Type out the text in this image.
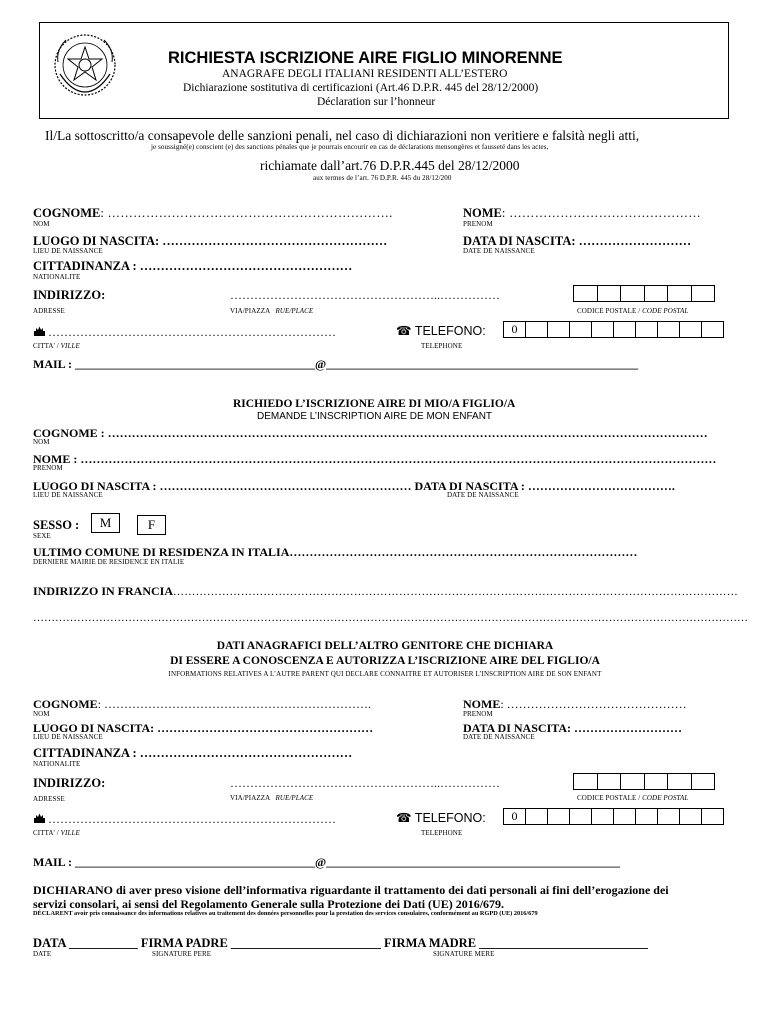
RICHIESTA ISCRIZIONE AIRE FIGLIO MINORENNE
ANAGRAFE DEGLI ITALIANI RESIDENTI ALL’ESTERO
Dichiarazione sostitutiva di certificazioni (Art.46 D.P.R. 445 del 28/12/2000)
Déclaration sur l’honneur
Il/La sottoscritto/a consapevole delle sanzioni penali, nel caso di dichiarazioni non veritiere e falsità negli atti,
je soussigné(e) conscient (e) des sanctions pénales que je pourrais encourir en cas de déclarations mensongères et fausseté dans les actes,
richiamate dall’art.76 D.P.R.445 del 28/12/2000
aux termes de l’art. 76 D.P.R. 445 du 28/12/200
COGNOME: ………………………………………………………….
NOM
NOME: ………………………………………
PRENOM
LUOGO DI NASCITA: ………………………………………………
LIEU DE NAISSANCE
DATA DI NASCITA: ………………………
DATE DE NAISSANCE
CITTADINANZA : ……………………………………………
NATIONALITE
INDIRIZZO:	……………………………………………..……………
ADRESSE	VIA/PIAZZA RUE/PLACE	CODICE POSTALE / CODE POSTAL
………………………………………………………………
CITTA' / VILLE
☎ TELEFONO:
TELEPHONE
0
MAIL : ________________________________________@____________________________________________________
RICHIEDO L’ISCRIZIONE AIRE DI MIO/A FIGLIO/A
DEMANDE L’INSCRIPTION AIRE DE MON ENFANT
COGNOME : ……………………………………………………………………………………………………………………………………
NOM
NOME : ……………………………………………………………………………………………………………………………………………
PRENOM
LUOGO DI NASCITA : ……………………………………………………… DATA DI NASCITA : ……………………………….
LIEU DE NAISSANCE	DATE DE NAISSANCE
SESSO :	M	F
SEXE
ULTIMO COMUNE DI RESIDENZA IN ITALIA……………………………………………………………………………
DERNIERE MAIRIE DE RESIDENCE EN ITALIE
INDIRIZZO IN FRANCIA……………………………………………………………………………………………………………………………………
……………………………………………………………………………………………………………………………………………………………………………
DATI ANAGRAFICI DELL’ALTRO GENITORE CHE DICHIARA
DI ESSERE A CONOSCENZA E AUTORIZZA L’ISCRIZIONE AIRE DEL FIGLIO/A
INFORMATIONS RELATIVES A L’AUTRE PARENT QUI DECLARE CONNAITRE ET AUTORISER L’INSCRIPTION AIRE DE SON ENFANT
COGNOME: ………………………………………………………….
NOM
NOME: ………………………………………
PRENOM
LUOGO DI NASCITA: ………………………………………………
LIEU DE NAISSANCE
DATA DI NASCITA: ………………………
DATE DE NAISSANCE
CITTADINANZA : ……………………………………………
NATIONALITE
INDIRIZZO:	……………………………………………..……………
ADRESSE	VIA/PIAZZA RUE/PLACE	CODICE POSTALE / CODE POSTAL
………………………………………………………………
CITTA' / VILLE
☎ TELEFONO:
TELEPHONE
0
MAIL : ________________________________________@_________________________________________________
DICHIARANO di aver preso visione dell’informativa riguardante il trattamento dei dati personali ai fini dell’erogazione dei
servizi consolari, ai sensi del Regolamento Generale sulla Protezione dei Dati (UE) 2016/679.
DÉCLARENT avoir pris connaissance des informations relatives au traitement des données personnelles pour la prestation des services consulaires, conformément au RGPD (UE) 2016/679
DATA ___________ FIRMA PADRE ________________________ FIRMA MADRE ___________________________
DATE	SIGNATURE PERE	SIGNATURE MERE
